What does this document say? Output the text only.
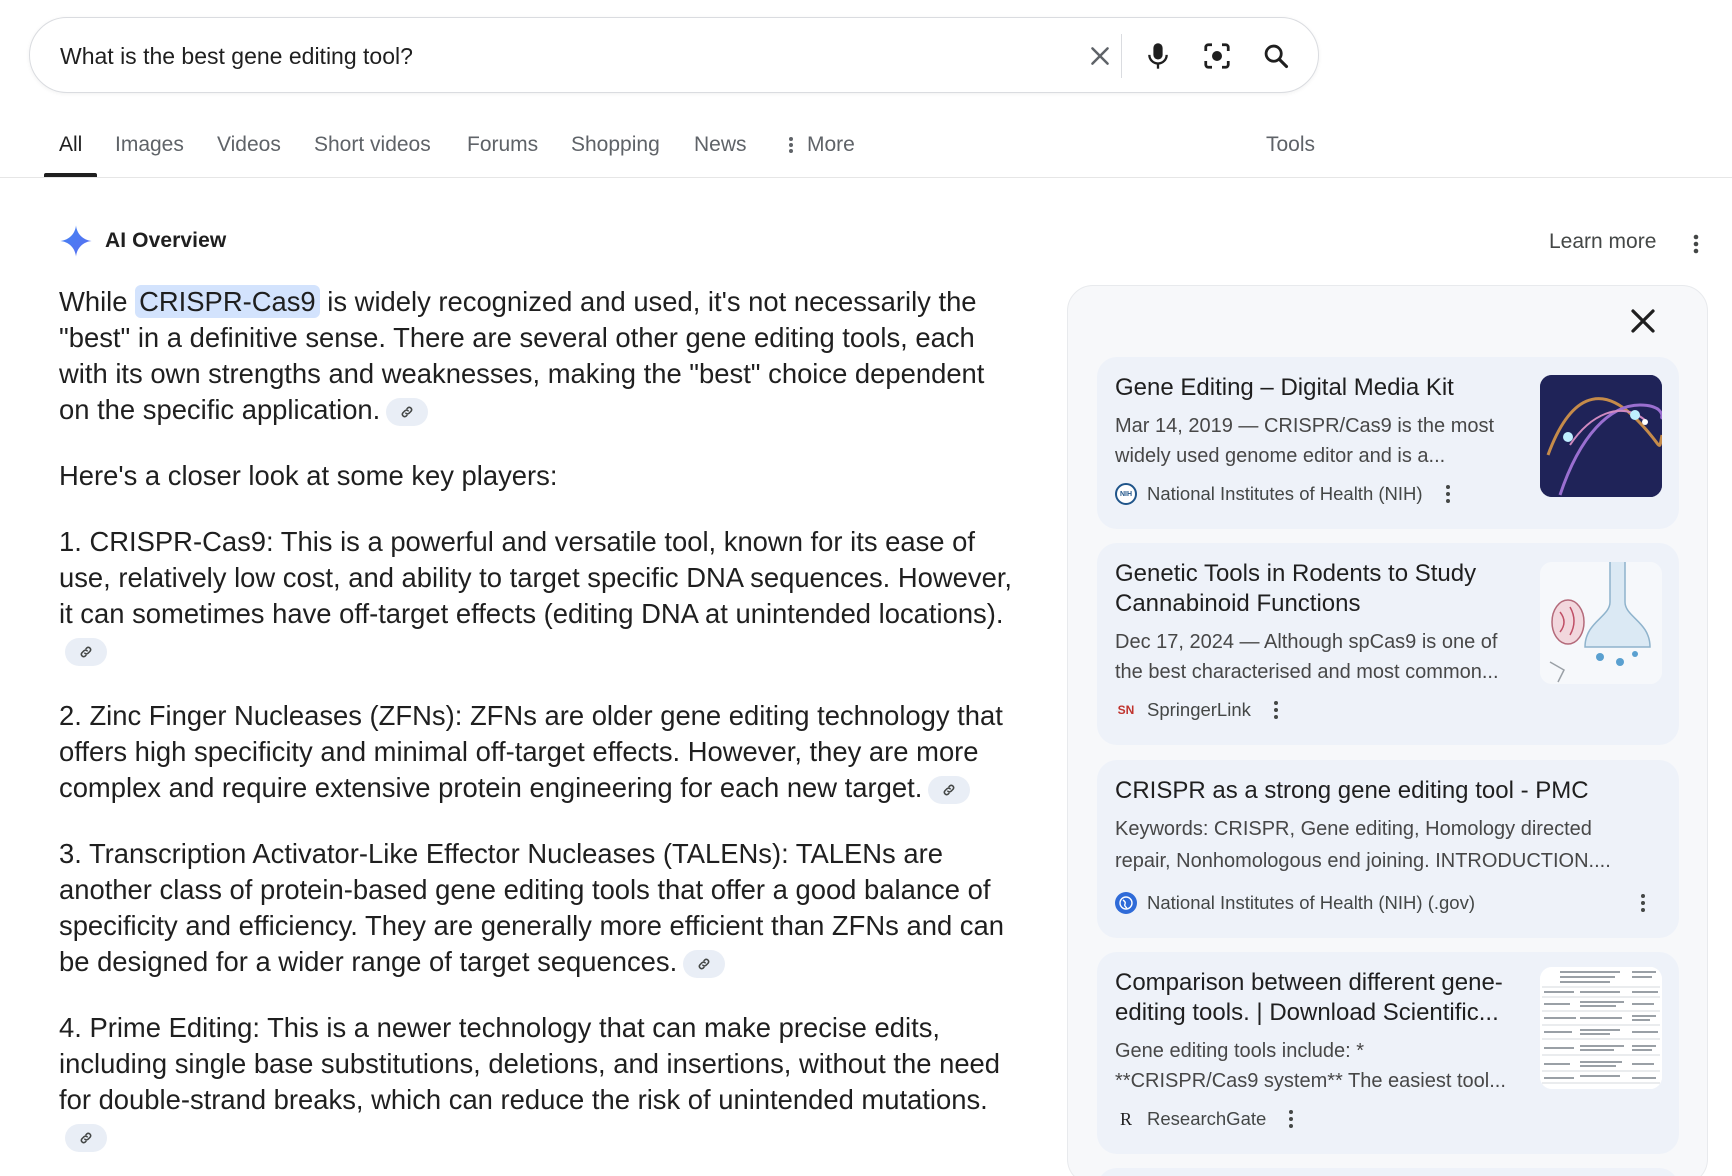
What is the best gene editing tool?
All Images Videos Short videos Forums Shopping News	More	Tools
AI Overview	Learn more

While CRISPR-Cas9 is widely recognized and used, it's not necessarily the "best" in a definitive sense. There are several other gene editing tools, each with its own strengths and weaknesses, making the "best" choice dependent on the specific application.

Here's a closer look at some key players:

1. CRISPR-Cas9: This is a powerful and versatile tool, known for its ease of use, relatively low cost, and ability to target specific DNA sequences. However, it can sometimes have off-target effects (editing DNA at unintended locations).

2. Zinc Finger Nucleases (ZFNs): ZFNs are older gene editing technology that offers high specificity and minimal off-target effects. However, they are more complex and require extensive protein engineering for each new target.

3. Transcription Activator-Like Effector Nucleases (TALENs): TALENs are another class of protein-based gene editing tools that offer a good balance of specificity and efficiency. They are generally more efficient than ZFNs and can be designed for a wider range of target sequences.

4. Prime Editing: This is a newer technology that can make precise edits, including single base substitutions, deletions, and insertions, without the need for double-strand breaks, which can reduce the risk of unintended mutations.

Gene Editing – Digital Media Kit
Mar 14, 2019 — CRISPR/Cas9 is the most
widely used genome editor and is a...
NIH National Institutes of Health (NIH)
Genetic Tools in Rodents to Study Cannabinoid Functions
Dec 17, 2024 — Although spCas9 is one of
the best characterised and most common...
SN SpringerLink
CRISPR as a strong gene editing tool - PMC
Keywords: CRISPR, Gene editing, Homology directed
repair, Nonhomologous end joining. INTRODUCTION....
National Institutes of Health (NIH) (.gov)
Comparison between different gene-editing tools. | Download Scientific...
Gene editing tools include: *
**CRISPR/Cas9 system** The easiest tool...
R ResearchGate
